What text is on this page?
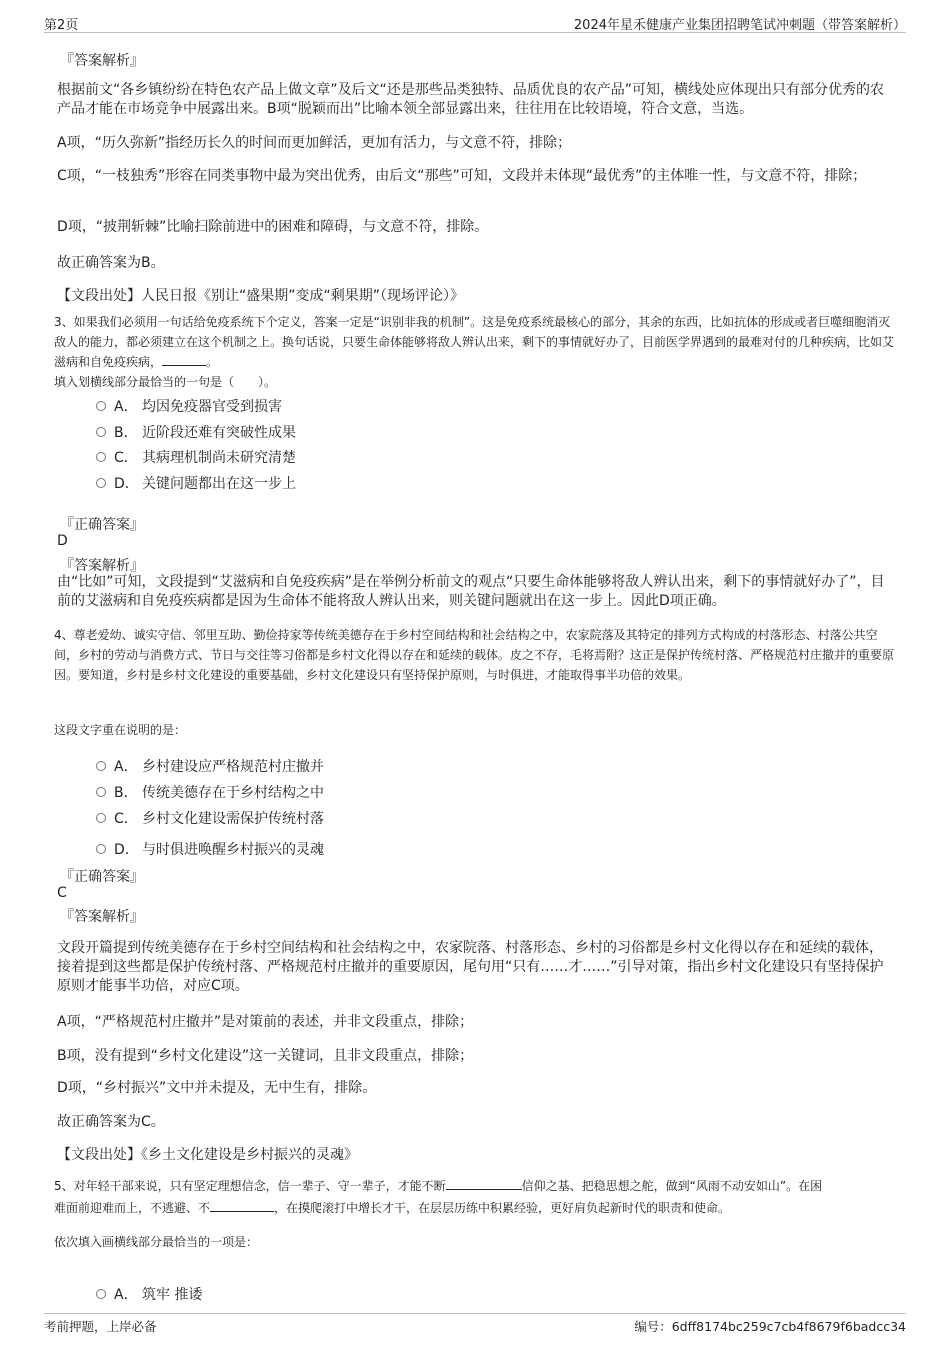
第2页	2024年星禾健康产业集团招聘笔试冲刺题（带答案解析）
『答案解析』
根据前文“各乡镇纷纷在特色农产品上做文章”及后文“还是那些品类独特、品质优良的农产品”可知，横线处应体现出只有部分优秀的农产品才能在市场竞争中展露出来。B项“脱颖而出”比喻本领全部显露出来，往往用在比较语境，符合文意，当选。
A项，“历久弥新”指经历长久的时间而更加鲜活，更加有活力，与文意不符，排除；
C项，“一枝独秀”形容在同类事物中最为突出优秀，由后文“那些”可知，文段并未体现“最优秀”的主体唯一性，与文意不符，排除；
D项，“披荆斩棘”比喻扫除前进中的困难和障碍，与文意不符，排除。
故正确答案为B。
【文段出处】人民日报《别让“盛果期”变成“剩果期”（现场评论）》
3、如果我们必须用一句话给免疫系统下个定义，答案一定是“识别非我的机制”。这是免疫系统最核心的部分，其余的东西，比如抗体的形成或者巨噬细胞消灭敌人的能力，都必须建立在这个机制之上。换句话说，只要生命体能够将敌人辨认出来，剩下的事情就好办了，目前医学界遇到的最难对付的几种疾病，比如艾滋病和自免疫疾病，	。
填入划横线部分最恰当的一句是（　　）。
A． 均因免疫器官受到损害
B． 近阶段还难有突破性成果
C． 其病理机制尚未研究清楚
D． 关键问题都出在这一步上
『正确答案』
D
『答案解析』
由“比如”可知，文段提到“艾滋病和自免疫疾病”是在举例分析前文的观点“只要生命体能够将敌人辨认出来，剩下的事情就好办了”，目前的艾滋病和自免疫疾病都是因为生命体不能将敌人辨认出来，则关键问题就出在这一步上。因此D项正确。
4、尊老爱幼、诚实守信、邻里互助、勤俭持家等传统美德存在于乡村空间结构和社会结构之中，农家院落及其特定的排列方式构成的村落形态、村落公共空间，乡村的劳动与消费方式、节日与交往等习俗都是乡村文化得以存在和延续的载体。皮之不存，毛将焉附？这正是保护传统村落、严格规范村庄撤并的重要原因。要知道，乡村是乡村文化建设的重要基础，乡村文化建设只有坚持保护原则，与时俱进，才能取得事半功倍的效果。
这段文字重在说明的是：
A． 乡村建设应严格规范村庄撤并
B． 传统美德存在于乡村结构之中
C． 乡村文化建设需保护传统村落
D． 与时俱进唤醒乡村振兴的灵魂
『正确答案』
C
『答案解析』
文段开篇提到传统美德存在于乡村空间结构和社会结构之中，农家院落、村落形态、乡村的习俗都是乡村文化得以存在和延续的载体，接着提到这些都是保护传统村落、严格规范村庄撤并的重要原因，尾句用“只有……才……”引导对策，指出乡村文化建设只有坚持保护原则才能事半功倍，对应C项。
A项，“严格规范村庄撤并”是对策前的表述，并非文段重点，排除；
B项，没有提到“乡村文化建设”这一关键词，且非文段重点，排除；
D项，“乡村振兴”文中并未提及，无中生有，排除。
故正确答案为C。
【文段出处】《乡土文化建设是乡村振兴的灵魂》
5、对年轻干部来说，只有坚定理想信念，信一辈子、守一辈子，才能不断	信仰之基、把稳思想之舵，做到“风雨不动安如山”。在困
难面前迎难而上，不逃避、不	，在摸爬滚打中增长才干，在层层历练中积累经验，更好肩负起新时代的职责和使命。
依次填入画横线部分最恰当的一项是：
A． 筑牢 推诿
考前押题，上岸必备	编号：6dff8174bc259c7cb4f8679f6badcc34
